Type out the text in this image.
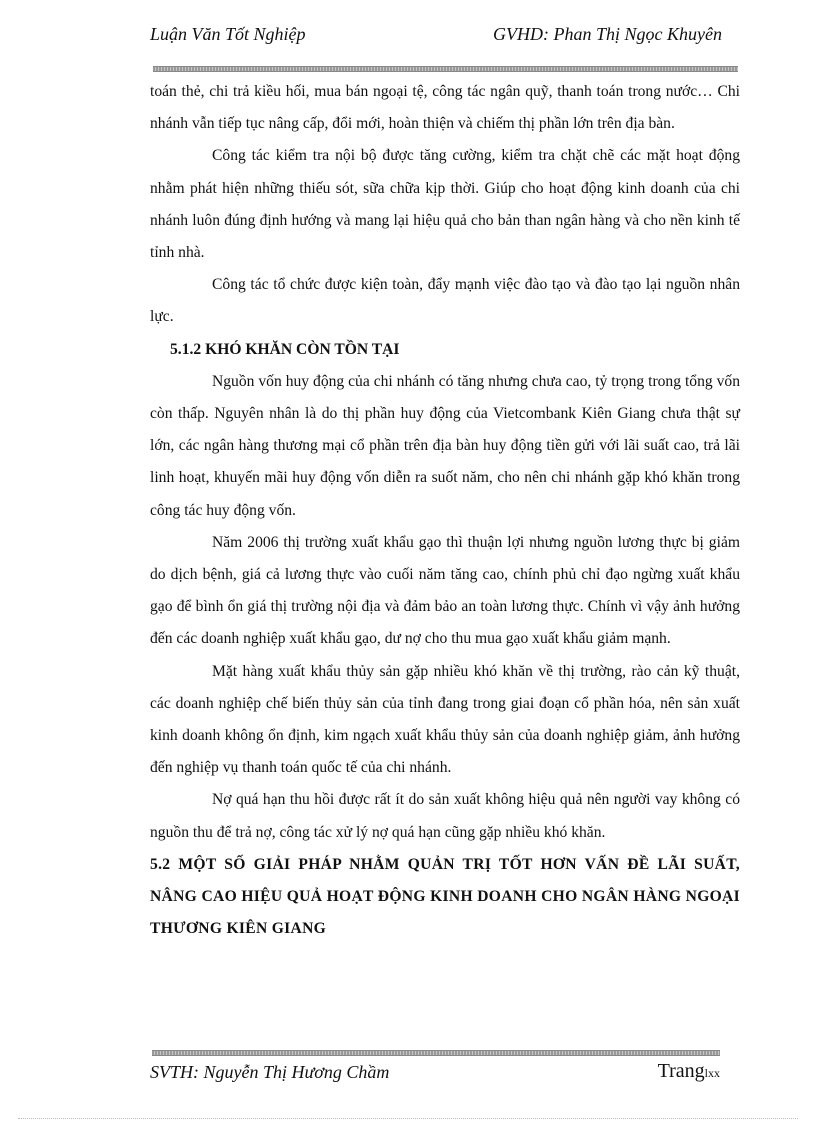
Luận Văn Tốt Nghiệp	GVHD: Phan Thị Ngọc Khuyên

toán thẻ, chi trả kiều hối, mua bán ngoại tệ, công tác ngân quỹ, thanh toán trong nước… Chi nhánh vẫn tiếp tục nâng cấp, đổi mới, hoàn thiện và chiếm thị phần lớn trên địa bàn.

Công tác kiểm tra nội bộ được tăng cường, kiểm tra chặt chẽ các mặt hoạt động nhằm phát hiện những thiếu sót, sữa chữa kịp thời. Giúp cho hoạt động kinh doanh của chi nhánh luôn đúng định hướng và mang lại hiệu quả cho bản than ngân hàng và cho nền kinh tế tỉnh nhà.

Công tác tổ chức được kiện toàn, đẩy mạnh việc đào tạo và đào tạo lại nguồn nhân lực.

5.1.2 KHÓ KHĂN CÒN TỒN TẠI

Nguồn vốn huy động của chi nhánh có tăng nhưng chưa cao, tỷ trọng trong tổng vốn còn thấp. Nguyên nhân là do thị phần huy động của Vietcombank Kiên Giang chưa thật sự lớn, các ngân hàng thương mại cổ phần trên địa bàn huy động tiền gửi với lãi suất cao, trả lãi linh hoạt, khuyến mãi huy động vốn diễn ra suốt năm, cho nên chi nhánh gặp khó khăn trong công tác huy động vốn.

Năm 2006 thị trường xuất khẩu gạo thì thuận lợi nhưng nguồn lương thực bị giảm do dịch bệnh, giá cả lương thực vào cuối năm tăng cao, chính phủ chỉ đạo ngừng xuất khẩu gạo để bình ổn giá thị trường nội địa và đảm bảo an toàn lương thực. Chính vì vậy ảnh hưởng đến các doanh nghiệp xuất khẩu gạo, dư nợ cho thu mua gạo xuất khẩu giảm mạnh.

Mặt hàng xuất khẩu thủy sản gặp nhiều khó khăn về thị trường, rào cản kỹ thuật, các doanh nghiệp chế biến thủy sản của tỉnh đang trong giai đoạn cổ phần hóa, nên sản xuất kinh doanh không ổn định, kim ngạch xuất khẩu thủy sản của doanh nghiệp giảm, ảnh hưởng đến nghiệp vụ thanh toán quốc tế của chi nhánh.

Nợ quá hạn thu hồi được rất ít do sản xuất không hiệu quả nên người vay không có nguồn thu để trả nợ, công tác xử lý nợ quá hạn cũng gặp nhiều khó khăn.

5.2 MỘT SỐ GIẢI PHÁP NHẰM QUẢN TRỊ TỐT HƠN VẤN ĐỀ LÃI SUẤT, NÂNG CAO HIỆU QUẢ HOẠT ĐỘNG KINH DOANH CHO NGÂN HÀNG NGOẠI THƯƠNG KIÊN GIANG
SVTH: Nguyễn Thị Hương Chầm	Tranglxx
